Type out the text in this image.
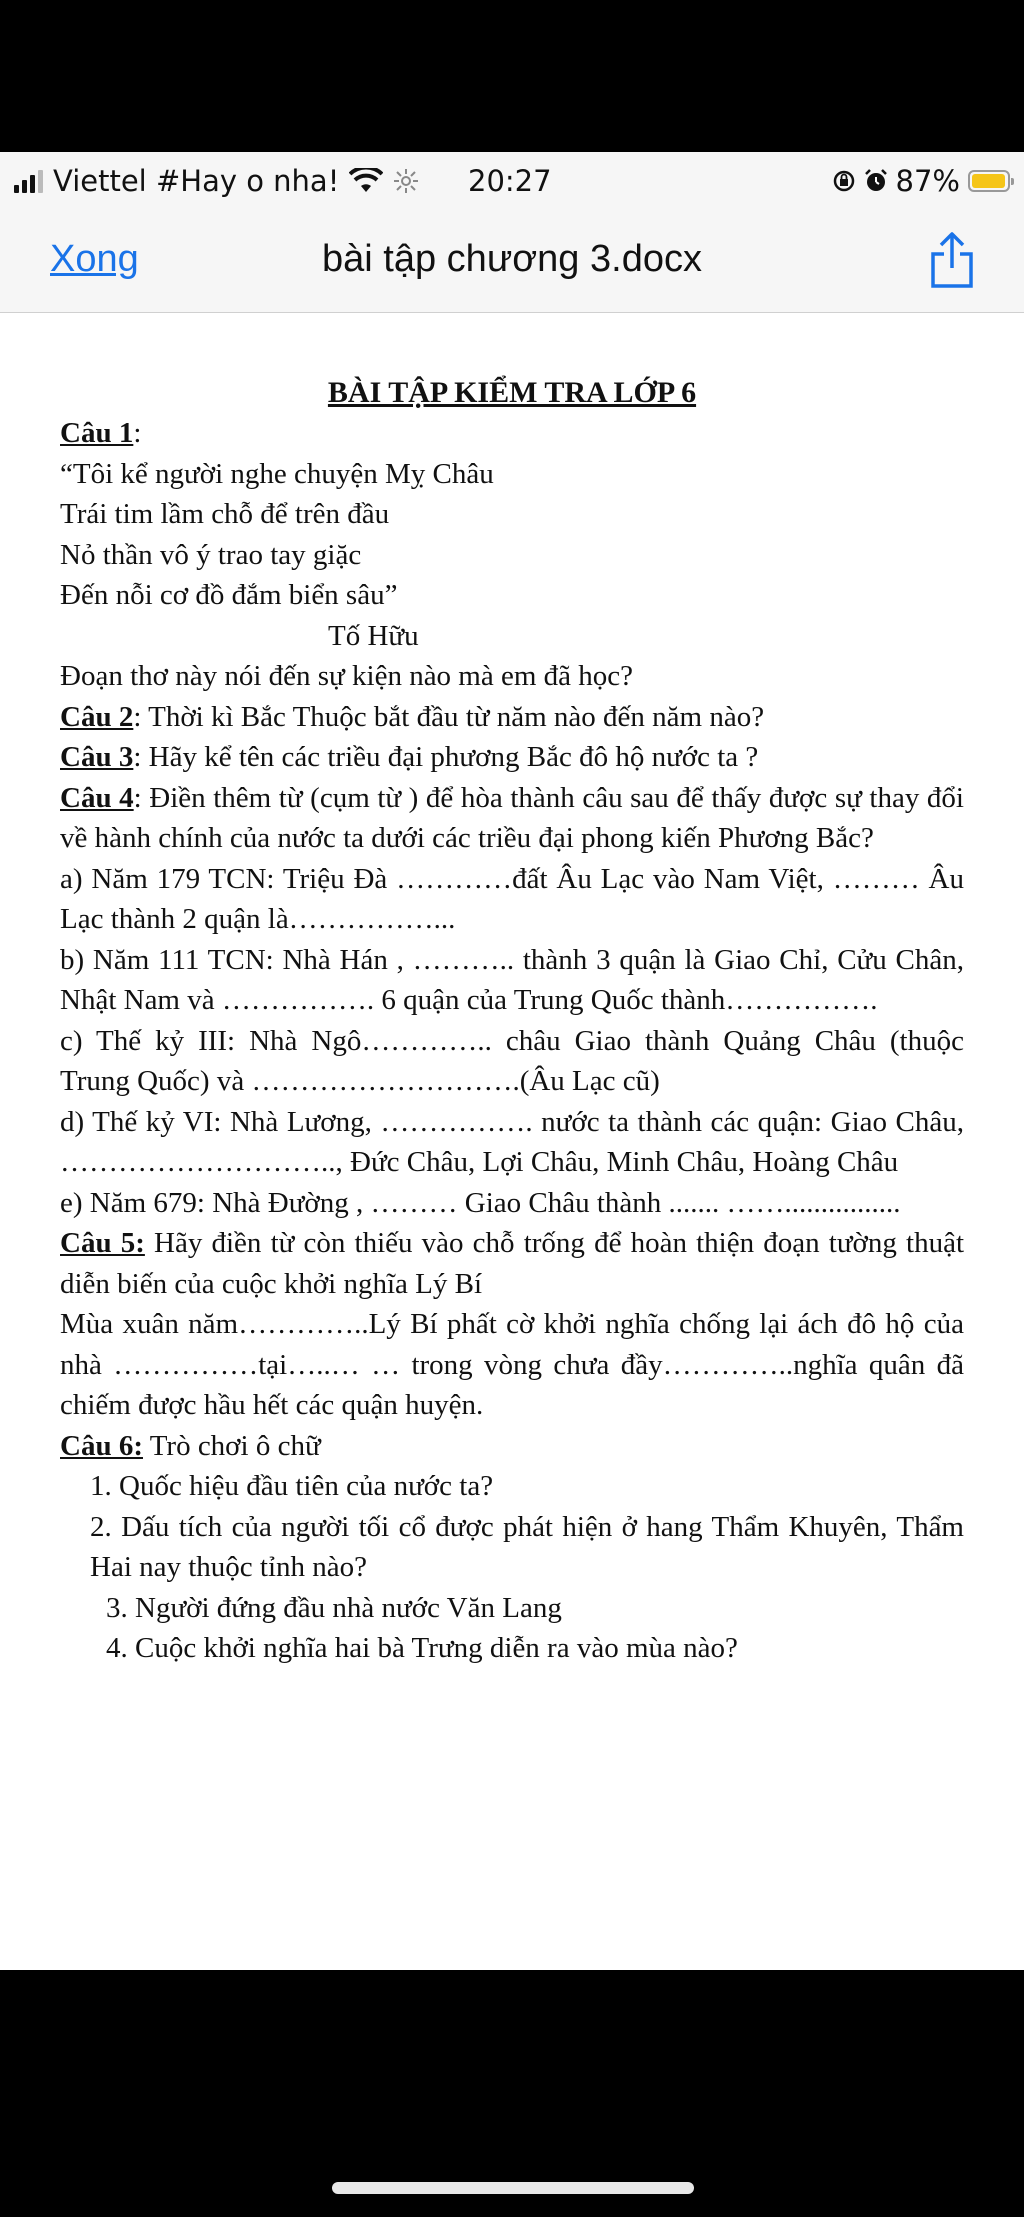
Viettel #Hay o nha!	20:27	87%
Xong	bài tập chương 3.docx

BÀI TẬP KIỂM TRA LỚP 6

Câu 1:

“Tôi kể người nghe chuyện Mỵ Châu

Trái tim lầm chỗ để trên đầu

Nỏ thần vô ý trao tay giặc

Đến nỗi cơ đồ đắm biển sâu”

Tố Hữu

Đoạn thơ này nói đến sự kiện nào mà em đã học?

Câu 2: Thời kì Bắc Thuộc bắt đầu từ năm nào đến năm nào?

Câu 3: Hãy kể tên các triều đại phương Bắc đô hộ nước ta ?

Câu 4: Điền thêm từ (cụm từ ) để hòa thành câu sau để thấy được sự thay đổi về hành chính của nước ta dưới các triều đại phong kiến Phương Bắc?

a) Năm 179 TCN: Triệu Đà …………đất Âu Lạc vào Nam Việt, ……… Âu Lạc thành 2 quận là……………...

b) Năm 111 TCN: Nhà Hán , ……….. thành 3 quận là Giao Chỉ, Cửu Chân, Nhật Nam và ……………. 6 quận của Trung Quốc thành…………….

c) Thế kỷ III: Nhà Ngô………….. châu Giao thành Quảng Châu (thuộc Trung Quốc) và ……………………….(Âu Lạc cũ)

d) Thế kỷ VI: Nhà Lương, ……………. nước ta thành các quận: Giao Châu, ……………………….., Đức Châu, Lợi Châu, Minh Châu, Hoàng Châu

e) Năm 679: Nhà Đường , ……… Giao Châu thành ....... ……................

Câu 5: Hãy điền từ còn thiếu vào chỗ trống để hoàn thiện đoạn tường thuật diễn biến của cuộc khởi nghĩa Lý Bí

Mùa xuân năm…………..Lý Bí phất cờ khởi nghĩa chống lại ách đô hộ của nhà ……………tại…..… … trong vòng chưa đầy…………..nghĩa quân đã chiếm được hầu hết các quận huyện.

Câu 6: Trò chơi ô chữ

1. Quốc hiệu đầu tiên của nước ta?

2. Dấu tích của người tối cổ được phát hiện ở hang Thẩm Khuyên, Thẩm Hai nay thuộc tỉnh nào?

3. Người đứng đầu nhà nước Văn Lang

4. Cuộc khởi nghĩa hai bà Trưng diễn ra vào mùa nào?
